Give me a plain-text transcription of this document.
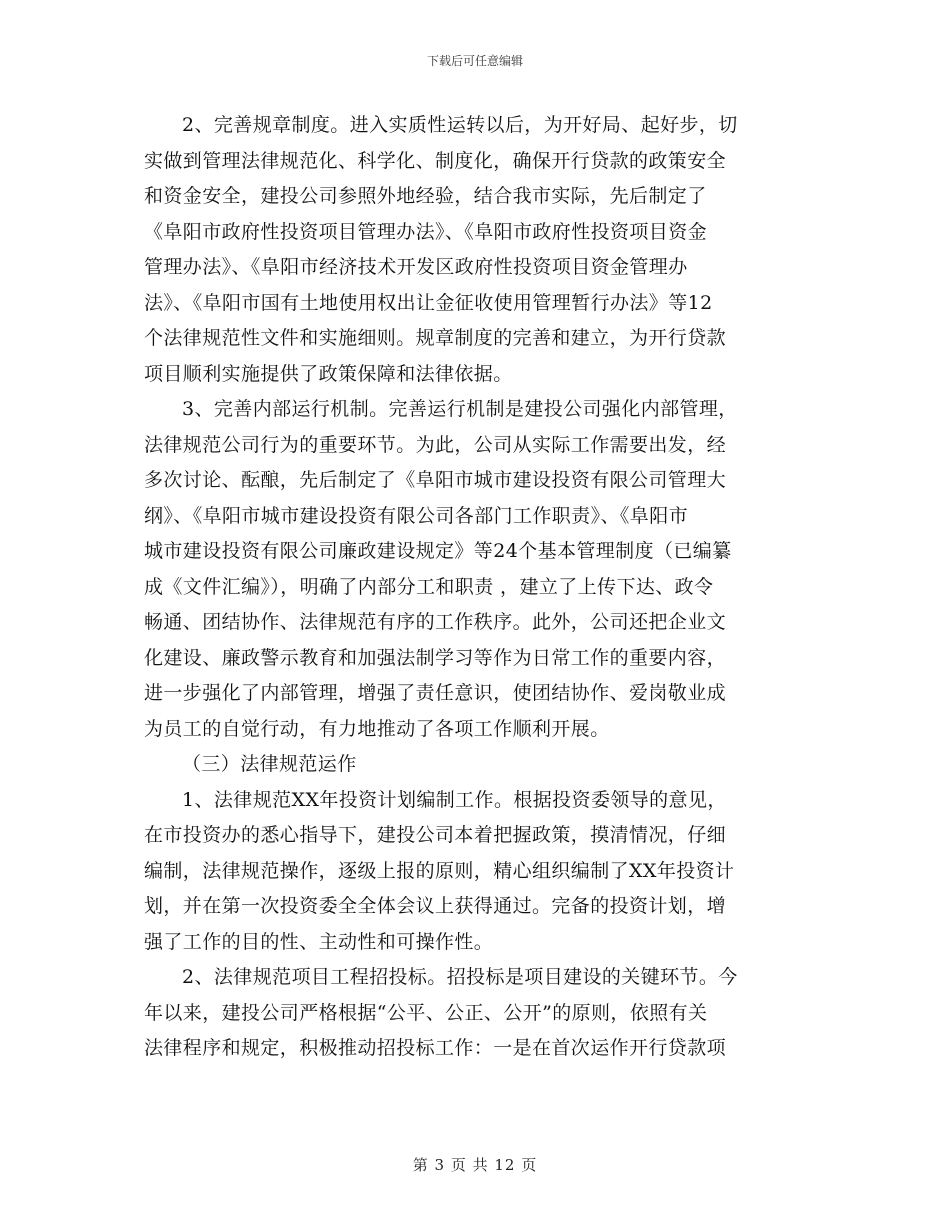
下载后可任意编辑
2、完善规章制度。进入实质性运转以后，为开好局、起好步，切
实做到管理法律规范化、科学化、制度化，确保开行贷款的政策安全
和资金安全，建投公司参照外地经验，结合我市实际，先后制定了
《阜阳市政府性投资项目管理办法》、《阜阳市政府性投资项目资金
管理办法》、《阜阳市经济技术开发区政府性投资项目资金管理办
法》、《阜阳市国有土地使用权出让金征收使用管理暂行办法》等12
个法律规范性文件和实施细则。规章制度的完善和建立，为开行贷款
项目顺利实施提供了政策保障和法律依据。
3、完善内部运行机制。完善运行机制是建投公司强化内部管理，
法律规范公司行为的重要环节。为此，公司从实际工作需要出发，经
多次讨论、酝酿，先后制定了《阜阳市城市建设投资有限公司管理大
纲》、《阜阳市城市建设投资有限公司各部门工作职责》、《阜阳市
城市建设投资有限公司廉政建设规定》等24个基本管理制度（已编纂
成《文件汇编》），明确了内部分工和职责 ，建立了上传下达、政令
畅通、团结协作、法律规范有序的工作秩序。此外，公司还把企业文
化建设、廉政警示教育和加强法制学习等作为日常工作的重要内容，
进一步强化了内部管理，增强了责任意识，使团结协作、爱岗敬业成
为员工的自觉行动，有力地推动了各项工作顺利开展。
（三）法律规范运作
1、法律规范XX年投资计划编制工作。根据投资委领导的意见，
在市投资办的悉心指导下，建投公司本着把握政策，摸清情况，仔细
编制，法律规范操作，逐级上报的原则，精心组织编制了XX年投资计
划，并在第一次投资委全全体会议上获得通过。完备的投资计划，增
强了工作的目的性、主动性和可操作性。
2、法律规范项目工程招投标。招投标是项目建设的关键环节。今
年以来，建投公司严格根据“公平、公正、公开”的原则，依照有关
法律程序和规定，积极推动招投标工作：一是在首次运作开行贷款项
第 3 页 共 12 页
